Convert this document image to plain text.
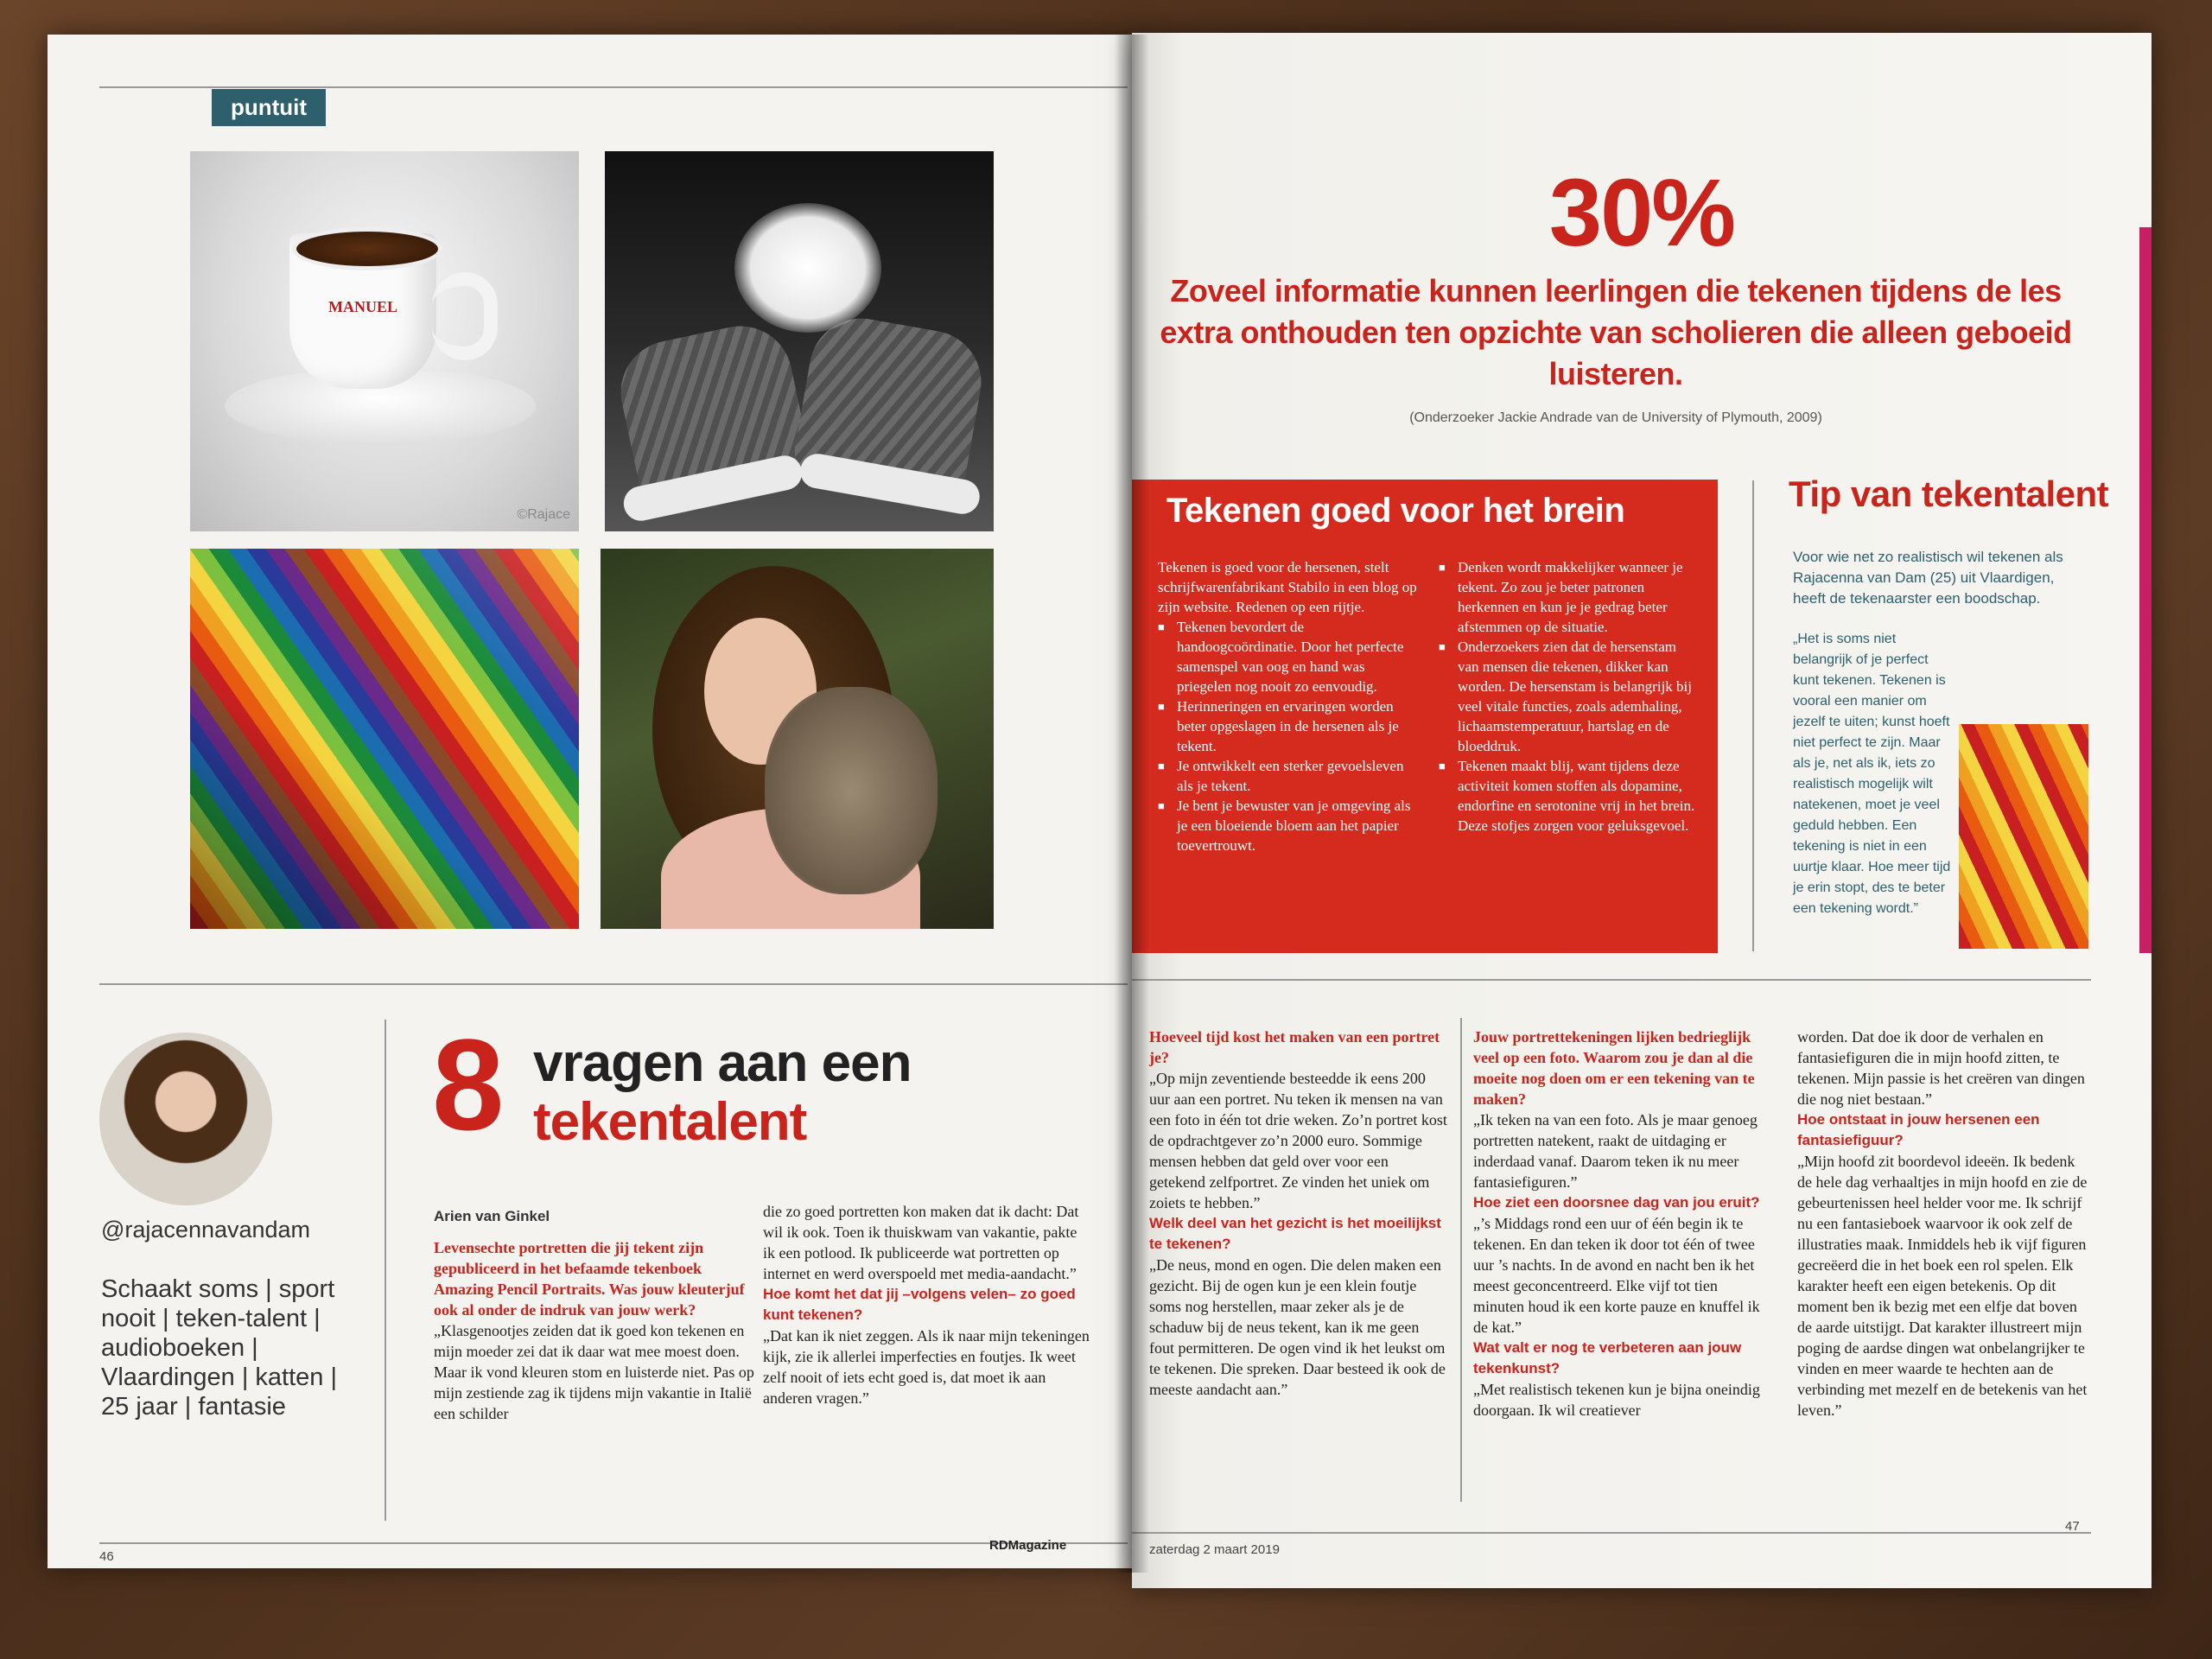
puntuit
MANUEL
©Rajace
@rajacennavandam
Schaakt soms | sport nooit | teken-talent | audioboeken | Vlaardingen | katten | 25 jaar | fantasie
8 vragen aan een
tekentalent
Arien van Ginkel

Levensechte portretten die jij tekent zijn gepubliceerd in het befaamde tekenboek Amazing Pencil Portraits. Was jouw kleuterjuf ook al onder de indruk van jouw werk?

„Klasgenootjes zeiden dat ik goed kon tekenen en mijn moeder zei dat ik daar wat mee moest doen. Maar ik vond kleuren stom en luisterde niet. Pas op mijn zestiende zag ik tijdens mijn vakantie in Italië een schilder

die zo goed portretten kon maken dat ik dacht: Dat wil ik ook. Toen ik thuiskwam van vakantie, pakte ik een potlood. Ik publiceerde wat portretten op internet en werd overspoeld met media-aandacht.”

Hoe komt het dat jij –volgens velen– zo goed kunt tekenen?

„Dat kan ik niet zeggen. Als ik naar mijn tekeningen kijk, zie ik allerlei imperfecties en foutjes. Ik weet zelf nooit of iets echt goed is, dat moet ik aan anderen vragen.”

46
RDMagazine
30%
Zoveel informatie kunnen leerlingen die tekenen tijdens de les extra onthouden ten opzichte van scholieren die alleen geboeid luisteren.
(Onderzoeker Jackie Andrade van de University of Plymouth, 2009)
Tekenen goed voor het brein

Tekenen is goed voor de hersenen, stelt schrijfwarenfabrikant Stabilo in een blog op zijn website. Redenen op een rijtje.

■ Tekenen bevordert de handoogcoördinatie. Door het perfecte samenspel van oog en hand was priegelen nog nooit zo eenvoudig.
■ Herinneringen en ervaringen worden beter opgeslagen in de hersenen als je tekent.
■ Je ontwikkelt een sterker gevoelsleven als je tekent.
■ Je bent je bewuster van je omgeving als je een bloeiende bloem aan het papier toevertrouwt.
■ Denken wordt makkelijker wanneer je tekent. Zo zou je beter patronen herkennen en kun je je gedrag beter afstemmen op de situatie.
■ Onderzoekers zien dat de hersenstam van mensen die tekenen, dikker kan worden. De hersenstam is belangrijk bij veel vitale functies, zoals ademhaling, lichaamstemperatuur, hartslag en de bloeddruk.
■ Tekenen maakt blij, want tijdens deze activiteit komen stoffen als dopamine, endorfine en serotonine vrij in het brein. Deze stofjes zorgen voor geluksgevoel.
Tip van tekentalent
Voor wie net zo realistisch wil tekenen als Rajacenna van Dam (25) uit Vlaardigen, heeft de tekenaarster een boodschap.
„Het is soms niet belangrijk of je perfect kunt tekenen. Tekenen is vooral een manier om jezelf te uiten; kunst hoeft niet perfect te zijn. Maar als je, net als ik, iets zo realistisch mogelijk wilt natekenen, moet je veel geduld hebben. Een tekening is niet in een uurtje klaar. Hoe meer tijd je erin stopt, des te beter een tekening wordt.”

Hoeveel tijd kost het maken van een portret je?

„Op mijn zeventiende besteedde ik eens 200 uur aan een portret. Nu teken ik mensen na van een foto in één tot drie weken. Zo’n portret kost de opdrachtgever zo’n 2000 euro. Sommige mensen hebben dat geld over voor een getekend zelfportret. Ze vinden het uniek om zoiets te hebben.”

Welk deel van het gezicht is het moeilijkst te tekenen?

„De neus, mond en ogen. Die delen maken een gezicht. Bij de ogen kun je een klein foutje soms nog herstellen, maar zeker als je de schaduw bij de neus tekent, kan ik me geen fout permitteren. De ogen vind ik het leukst om te tekenen. Die spreken. Daar besteed ik ook de meeste aandacht aan.”

Jouw portrettekeningen lijken bedrieglijk veel op een foto. Waarom zou je dan al die moeite nog doen om er een tekening van te maken?

„Ik teken na van een foto. Als je maar genoeg portretten natekent, raakt de uitdaging er inderdaad vanaf. Daarom teken ik nu meer fantasiefiguren.”

Hoe ziet een doorsnee dag van jou eruit?

„’s Middags rond een uur of één begin ik te tekenen. En dan teken ik door tot één of twee uur ’s nachts. In de avond en nacht ben ik het meest geconcentreerd. Elke vijf tot tien minuten houd ik een korte pauze en knuffel ik de kat.”

Wat valt er nog te verbeteren aan jouw tekenkunst?

„Met realistisch tekenen kun je bijna oneindig doorgaan. Ik wil creatiever

worden. Dat doe ik door de verhalen en fantasiefiguren die in mijn hoofd zitten, te tekenen. Mijn passie is het creëren van dingen die nog niet bestaan.”

Hoe ontstaat in jouw hersenen een fantasiefiguur?

„Mijn hoofd zit boordevol ideeën. Ik bedenk de hele dag verhaaltjes in mijn hoofd en zie de gebeurtenissen heel helder voor me. Ik schrijf nu een fantasieboek waarvoor ik ook zelf de illustraties maak. Inmiddels heb ik vijf figuren gecreëerd die in het boek een rol spelen. Elk karakter heeft een eigen betekenis. Op dit moment ben ik bezig met een elfje dat boven de aarde uitstijgt. Dat karakter illustreert mijn poging de aardse dingen wat onbelangrijker te vinden en meer waarde te hechten aan de verbinding met mezelf en de betekenis van het leven.”

zaterdag 2 maart 2019
47
